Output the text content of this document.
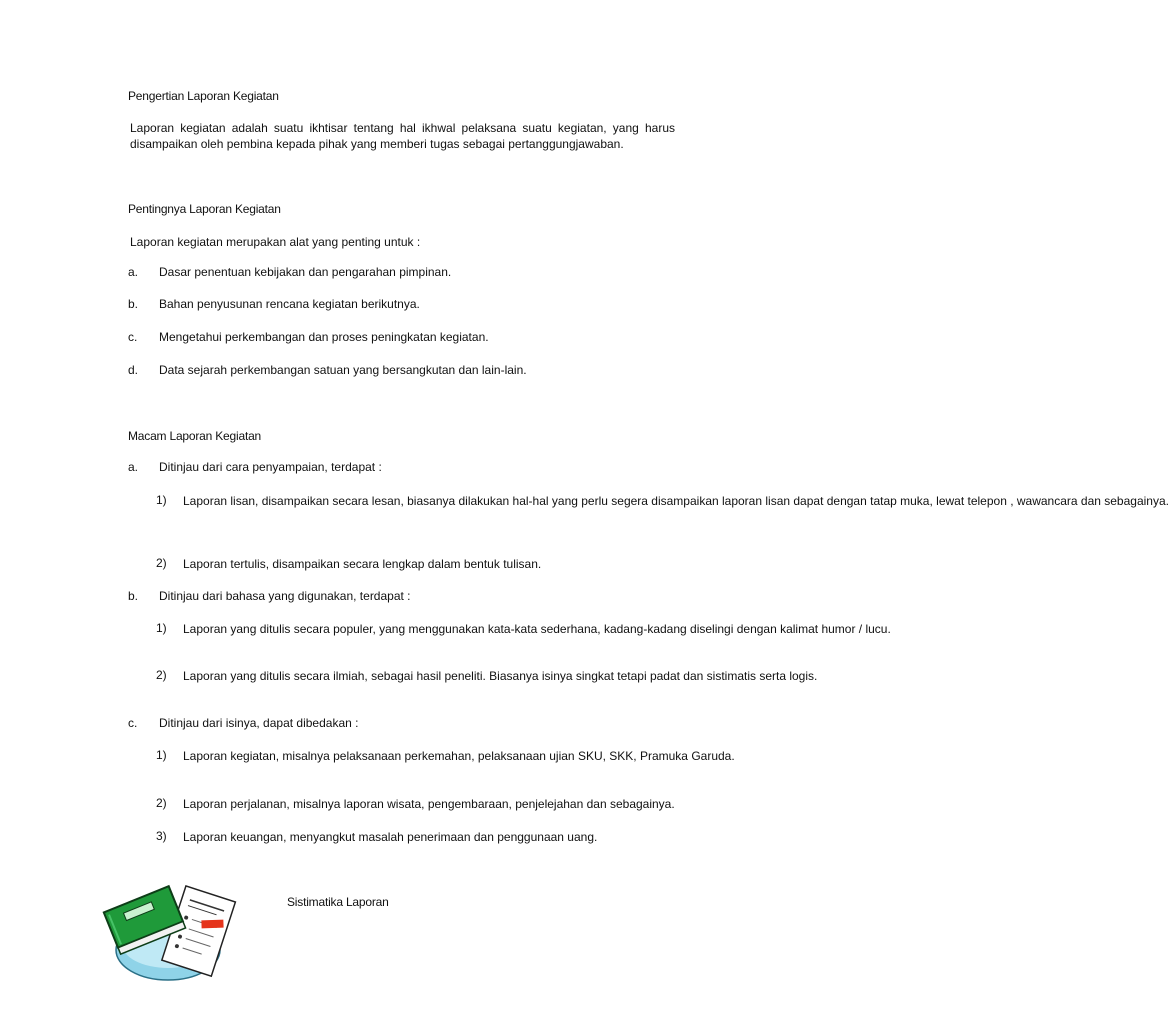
Pengertian Laporan Kegiatan
Laporan kegiatan adalah suatu ikhtisar tentang hal ikhwal pelaksana suatu kegiatan, yang harus disampaikan oleh pembina kepada pihak yang memberi tugas sebagai pertanggungjawaban.
Pentingnya Laporan Kegiatan
Laporan kegiatan merupakan alat yang penting untuk :
a. Dasar penentuan kebijakan dan pengarahan pimpinan.
b. Bahan penyusunan rencana kegiatan berikutnya.
c. Mengetahui perkembangan dan proses peningkatan kegiatan.
d. Data sejarah perkembangan satuan yang bersangkutan dan lain-lain.
Macam Laporan Kegiatan
a. Ditinjau dari cara penyampaian, terdapat :
1) Laporan lisan, disampaikan secara lesan, biasanya dilakukan hal-hal yang perlu segera disampaikan laporan lisan dapat dengan tatap muka, lewat telepon , wawancara dan sebagainya.
2) Laporan tertulis, disampaikan secara lengkap dalam bentuk tulisan.
b. Ditinjau dari bahasa yang digunakan, terdapat :
1) Laporan yang ditulis secara populer, yang menggunakan kata-kata sederhana, kadang-kadang diselingi dengan kalimat humor / lucu.
2) Laporan yang ditulis secara ilmiah, sebagai hasil peneliti. Biasanya isinya singkat tetapi padat dan sistimatis serta logis.
c. Ditinjau dari isinya, dapat dibedakan :
1) Laporan kegiatan, misalnya pelaksanaan perkemahan, pelaksanaan ujian SKU, SKK, Pramuka Garuda.
2) Laporan perjalanan, misalnya laporan wisata, pengembaraan, penjelejahan dan sebagainya.
3) Laporan keuangan, menyangkut masalah penerimaan dan penggunaan uang.
Sistimatika Laporan
